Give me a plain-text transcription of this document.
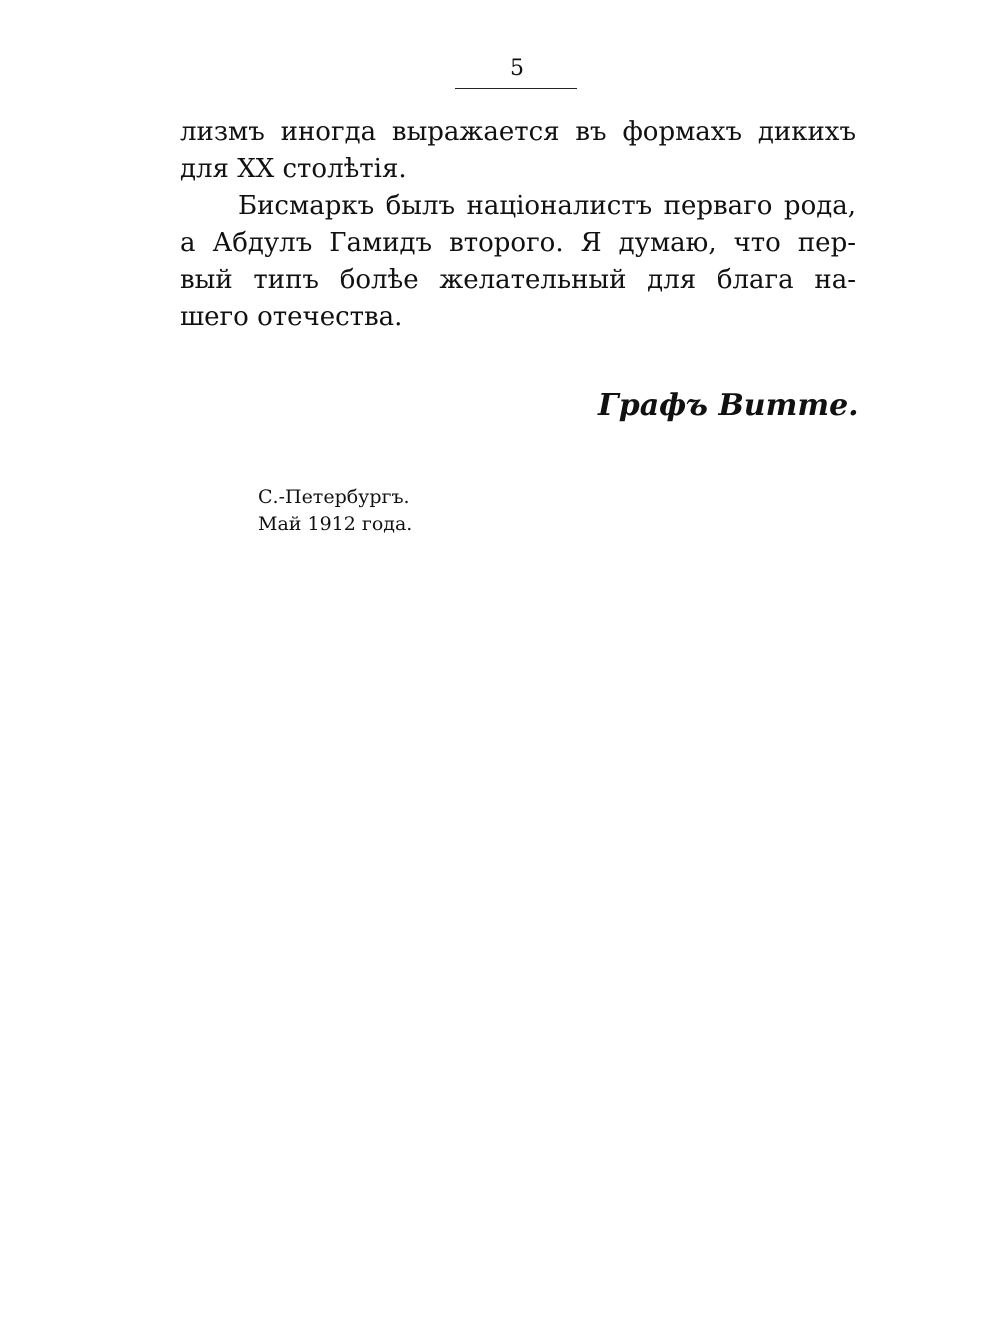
5
лизмъ иногда выражается въ формахъ дикихъ
для XX столѣтія.
Бисмаркъ былъ націоналистъ перваго рода,
а Абдулъ Гамидъ второго. Я думаю, что пер-
вый типъ болѣе желательный для блага на-
шего отечества.
Графъ Витте.
С.-Петербургъ.
Май 1912 года.
